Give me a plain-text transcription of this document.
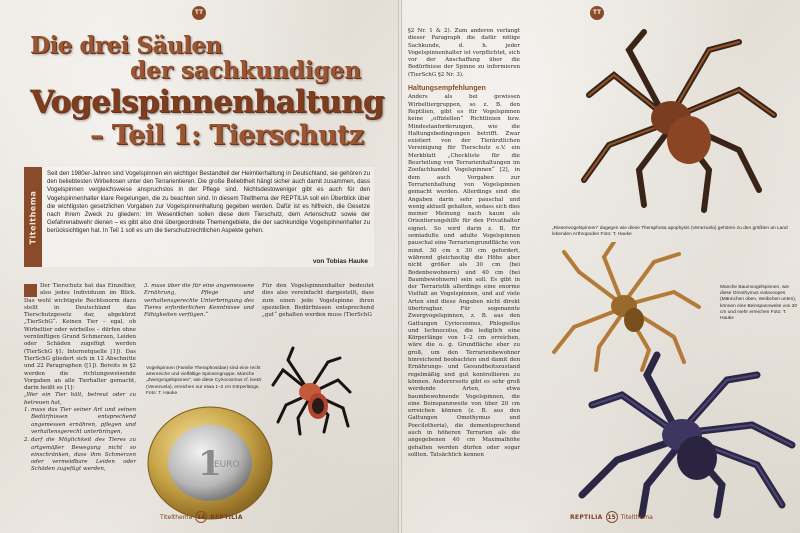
TT
Die drei Säulen
der sachkundigen
Vogelspinnenhaltung
– Teil 1: Tierschutz
Titelthema
Seit den 1980er-Jahren sind Vogelspinnen ein wichtiger Bestandteil der Heimtierhaltung in Deutschland, sie gehören zu den beliebtesten Wirbellosen unter den Terrarientieren. Die große Beliebtheit hängt sicher auch damit zusammen, dass Vogelspinnen vergleichsweise anspruchslos in der Pflege sind. Nichtsdestoweniger gibt es auch für den Vogelspinnenhalter klare Regelungen, die zu beachten sind. In diesem Titelthema der REPTILIA soll ein Überblick über die wichtigsten gesetzlichen Vorgaben zur Vogelspinnenhaltung gegeben werden. Dafür ist es hilfreich, die Gesetze nach ihrem Zweck zu gliedern: Im Wesentlichen sollen diese dem Tierschutz, dem Artenschutz sowie der Gefahrenabwehr dienen – es gibt also drei übergeordnete Themengebiete, die der sachkundige Vogelspinnenhalter zu berücksichtigen hat. In Teil 1 soll es um die tierschutzrechtlichen Aspekte gehen.
von Tobias Hauke

Der Tierschutz hat das Einzeltier, also jedes Individuum im Blick. Das wohl wichtigste Rechtsnorm dazu stellt in Deutschland das Tierschutzgesetz dar, abgekürzt „TierSchG“. Keinen Tier – egal, ob Wirbeltier oder wirbellos – dürfen ohne vernünftigen Grund Schmerzen, Leiden oder Schäden zugefügt werden (TierSchG §1; Internetquelle [1]). Das TierSchG gliedert sich in 12 Abschnitte und 22 Paragraphen ([1]). Bereits in §2 werden die richtungsweisende Vorgaben an alle Tierhalter gemacht, darin heißt es [1]:

„Wer ein Tier hält, betreut oder zu betreuen hat,

1. muss das Tier seiner Art und seinen Bedürfnissen entsprechend angemessen ernähren, pflegen und verhaltensgerecht unterbringen,
2. darf die Möglichkeit des Tieres zu artgemäßer Bewegung nicht so einschränken, dass ihm Schmerzen oder vermeidbare Leiden oder Schäden zugefügt werden,

3. muss über die für eine angemessene Ernährung, Pflege und verhaltensgerechte Unterbringung des Tieres erforderlichen Kenntnisse und Fähigkeiten verfügen.“

Für den Vogelspinnenhalter bedeutet dies also vereinfacht dargestellt, dass zum einen jede Vogelspinne ihren speziellen Bedürfnissen entsprechend „gut“ gehalten werden muss (TierSchG

Vogelspinnen (Familie Theraphosidae) sind eine recht artenreiche und vielfältige Spinnengruppe. Manche „Zwergvogelspinnen“, wie diese Cyriocosmus cf. leetzi (Venezuela), erreichen nur etwa 1–2 cm Körperlänge. Foto: T. Hauke
1
EURO
Titelthema 14 REPTILIA
TT

§2 Nr. 1 & 2). Zum anderen verlangt dieser Paragraph die dafür nötige Sachkunde, d. h. jeder Vogelspinnenhalter ist verpflichtet, sich vor der Anschaffung über die Bedürfnisse der Spinne zu informieren (TierSchG §2 Nr. 3).

Haltungsempfehlungen

Anders als bei gewissen Wirbeltiergruppen, so z. B. den Reptilien, gibt es für Vogelspinnen keine „offiziellen“ Richtlinien bzw. Mindestanforderungen, wie die Haltungsbedingungen betrifft. Zwar existiert von der Tierärztlichen Vereinigung für Tierschutz e.V. ein Merkblatt „Checkliste für die Beurteilung von Terrarienhaltungen im Zoofachhandel Vogelspinnen“ [2], in dem auch Vorgaben zur Terrarienhaltung von Vogelspinnen gemacht werden. Allerdings sind die Angaben darin sehr pauschal und wenig aktuell gehalten, sodass sich dies meiner Meinung nach kaum als Orientierungshilfe für den Privathalter eignet. So wird darin z. B. für semiadulte und adulte Vogelspinnen pauschal eine Terrariengrundfläche von mind. 30 cm x 30 cm gefordert, während gleichzeitig die Höhe aber nicht größer als 30 cm (bei Bodenbewohnern) und 40 cm (bei Baumbewohnern) sein soll. Es gibt in der Terraristik allerdings eine enorme Vielfalt an Vogelspinnen, und auf viele Arten sind diese Angaben nicht direkt übertragbar. Für sogenannte Zwergvogelspinnen, z. B. aus den Gattungen Cyriocosmus, Phlogiellus und Ischnocolus, die lediglich eine Körperlänge von 1–2 cm erreichen, wäre die o. g. Grundfläche eher zu groß, um den Terrarienbewohner hinreichend beobachten und damit den Ernährungs- und Gesundheitszustand regelmäßig und gut kontrollieren zu können. Andererseits gibt es sehr groß werdende Arten, etwa baumbewohnende Vogelspinnen, die eine Beinspannweite von über 20 cm erreichen können (z. B. aus den Gattungen Omothymus und Poecilotheria), die dementsprechend auch in höheren Terrarien als die angegebenen 40 cm Maximalhöhe gehalten werden dürfen oder sogar sollten. Tatsächlich kennen

„Riesenvogelspinnen“ dagegen wie diese Theraphosa apophysis (Venezuela) gehören zu den größten an Land lebenden Arthropoden Foto: T. Hauke
Manche Baumvogelspinnen, wie diese Omothymus violaceopes (Männchen oben, Weibchen unten), können eine Beinspannweite von 20 cm und mehr erreichen Foto: T. Hauke
REPTILIA 15 Titelthema
